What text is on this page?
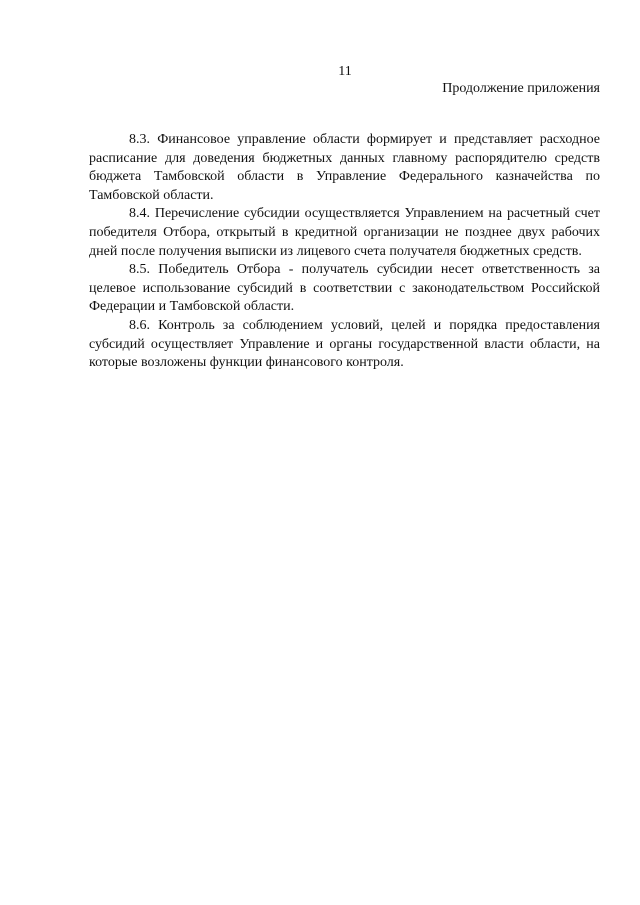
11
Продолжение приложения

8.3. Финансовое управление области формирует и представляет расходное расписание для доведения бюджетных данных главному распорядителю средств бюджета Тамбовской области в Управление Федерального казначейства по Тамбовской области.

8.4. Перечисление субсидии осуществляется Управлением на расчетный счет победителя Отбора, открытый в кредитной организации не позднее двух рабочих дней после получения выписки из лицевого счета получателя бюджетных средств.

8.5. Победитель Отбора - получатель субсидии несет ответственность за целевое использование субсидий в соответствии с законодательством Российской Федерации и Тамбовской области.

8.6. Контроль за соблюдением условий, целей и порядка предоставления субсидий осуществляет Управление и органы государственной власти области, на которые возложены функции финансового контроля.
